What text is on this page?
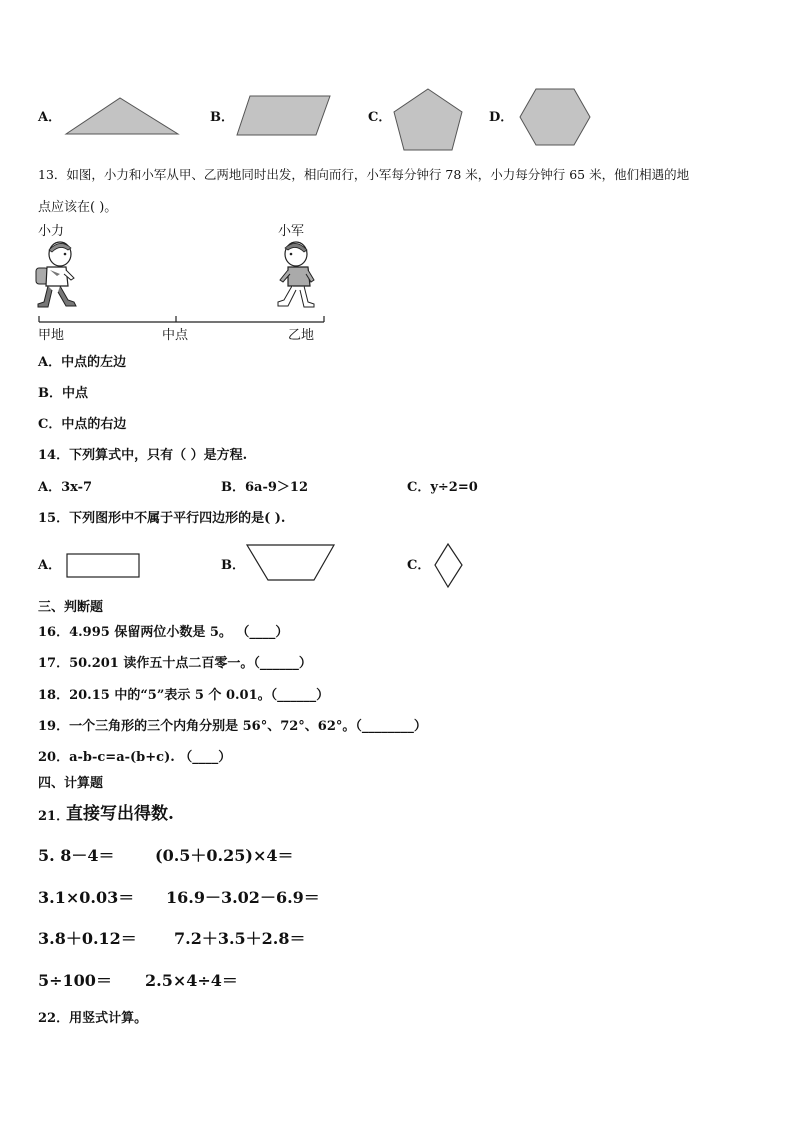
A．	B．	C．	D．
13．如图，小力和小军从甲、乙两地同时出发，相向而行，小军每分钟行 78 米，小力每分钟行 65 米，他们相遇的地
点应该在( )。
小力	小军
甲地	中点	乙地
A．中点的左边
B．中点
C．中点的右边
14．下列算式中，只有（ ）是方程.
A．3x-7	B．6a-9＞12	C．y÷2=0
15．下列图形中不属于平行四边形的是( ).
A．	B．	C．
三、判断题
16．4.995 保留两位小数是 5。 （____）
17．50.201 读作五十点二百零一。（______）
18．20.15 中的“5”表示 5 个 0.01。（______）
19．一个三角形的三个内角分别是 56°、72°、62°。（________）
20．a-b-c=a-(b+c). （____）
四、计算题
21．
直接写出得数.
5. 8－4＝	(0.5＋0.25)×4＝
3.1×0.03＝ 16.9－3.02－6.9＝
3.8＋0.12＝ 7.2＋3.5＋2.8＝
5÷100＝ 2.5×4÷4＝
22．用竖式计算。
